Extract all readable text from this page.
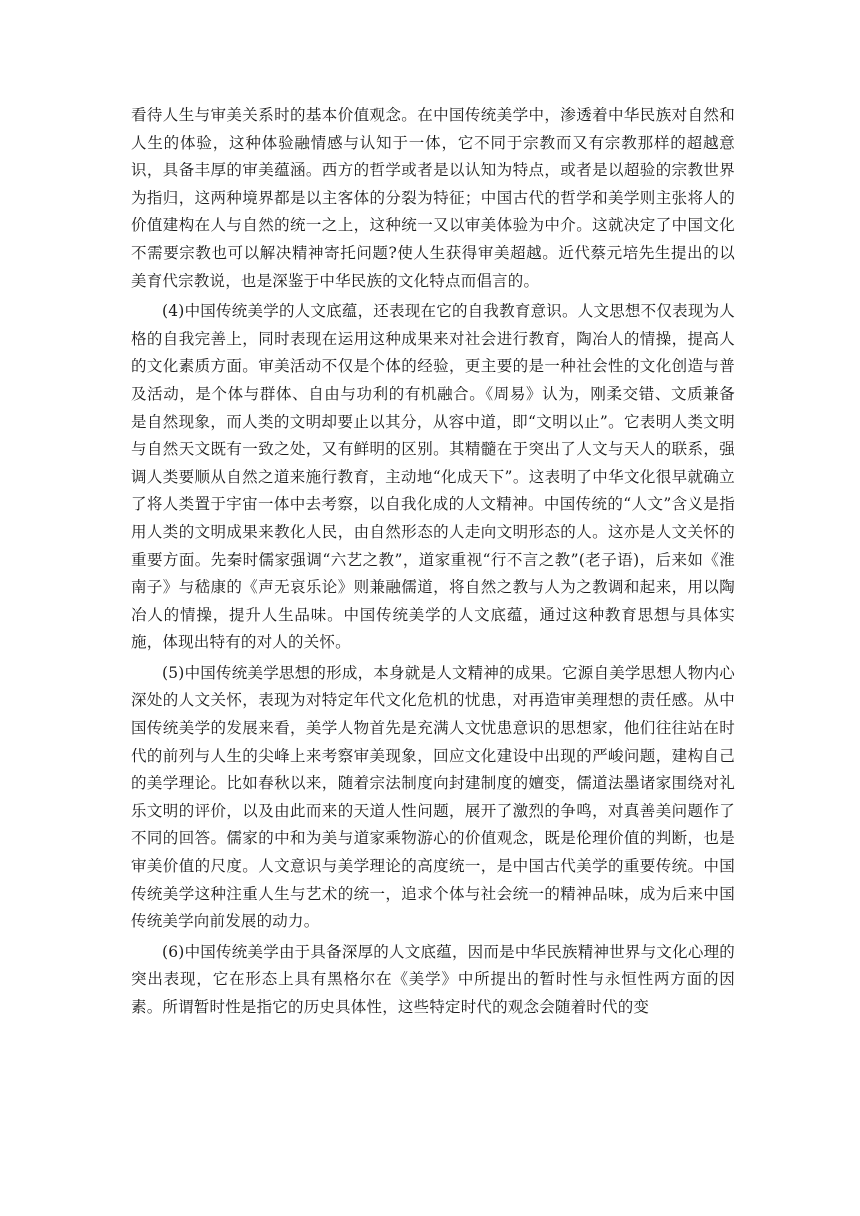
看待人生与审美关系时的基本价值观念。在中国传统美学中，渗透着中华民族对自然和人生的体验，这种体验融情感与认知于一体，它不同于宗教而又有宗教那样的超越意识，具备丰厚的审美蕴涵。西方的哲学或者是以认知为特点，或者是以超验的宗教世界为指归，这两种境界都是以主客体的分裂为特征；中国古代的哲学和美学则主张将人的价值建构在人与自然的统一之上，这种统一又以审美体验为中介。这就决定了中国文化不需要宗教也可以解决精神寄托问题?使人生获得审美超越。近代蔡元培先生提出的以美育代宗教说，也是深鉴于中华民族的文化特点而倡言的。

(4)中国传统美学的人文底蕴，还表现在它的自我教育意识。人文思想不仅表现为人格的自我完善上，同时表现在运用这种成果来对社会进行教育，陶冶人的情操，提高人的文化素质方面。审美活动不仅是个体的经验，更主要的是一种社会性的文化创造与普及活动，是个体与群体、自由与功利的有机融合。《周易》认为，刚柔交错、文质兼备是自然现象，而人类的文明却要止以其分，从容中道，即“文明以止”。它表明人类文明与自然天文既有一致之处，又有鲜明的区别。其精髓在于突出了人文与天人的联系，强调人类要顺从自然之道来施行教育，主动地“化成天下”。这表明了中华文化很早就确立了将人类置于宇宙一体中去考察，以自我化成的人文精神。中国传统的“人文”含义是指用人类的文明成果来教化人民，由自然形态的人走向文明形态的人。这亦是人文关怀的重要方面。先秦时儒家强调“六艺之教”，道家重视“行不言之教”(老子语)，后来如《淮南子》与嵇康的《声无哀乐论》则兼融儒道，将自然之教与人为之教调和起来，用以陶冶人的情操，提升人生品味。中国传统美学的人文底蕴，通过这种教育思想与具体实施，体现出特有的对人的关怀。

(5)中国传统美学思想的形成，本身就是人文精神的成果。它源自美学思想人物内心深处的人文关怀，表现为对特定年代文化危机的忧患，对再造审美理想的责任感。从中国传统美学的发展来看，美学人物首先是充满人文忧患意识的思想家，他们往往站在时代的前列与人生的尖峰上来考察审美现象，回应文化建设中出现的严峻问题，建构自己的美学理论。比如春秋以来，随着宗法制度向封建制度的嬗变，儒道法墨诸家围绕对礼乐文明的评价，以及由此而来的天道人性问题，展开了激烈的争鸣，对真善美问题作了不同的回答。儒家的中和为美与道家乘物游心的价值观念，既是伦理价值的判断，也是审美价值的尺度。人文意识与美学理论的高度统一，是中国古代美学的重要传统。中国传统美学这种注重人生与艺术的统一，追求个体与社会统一的精神品味，成为后来中国传统美学向前发展的动力。

(6)中国传统美学由于具备深厚的人文底蕴，因而是中华民族精神世界与文化心理的突出表现，它在形态上具有黑格尔在《美学》中所提出的暂时性与永恒性两方面的因素。所谓暂时性是指它的历史具体性，这些特定时代的观念会随着时代的变
